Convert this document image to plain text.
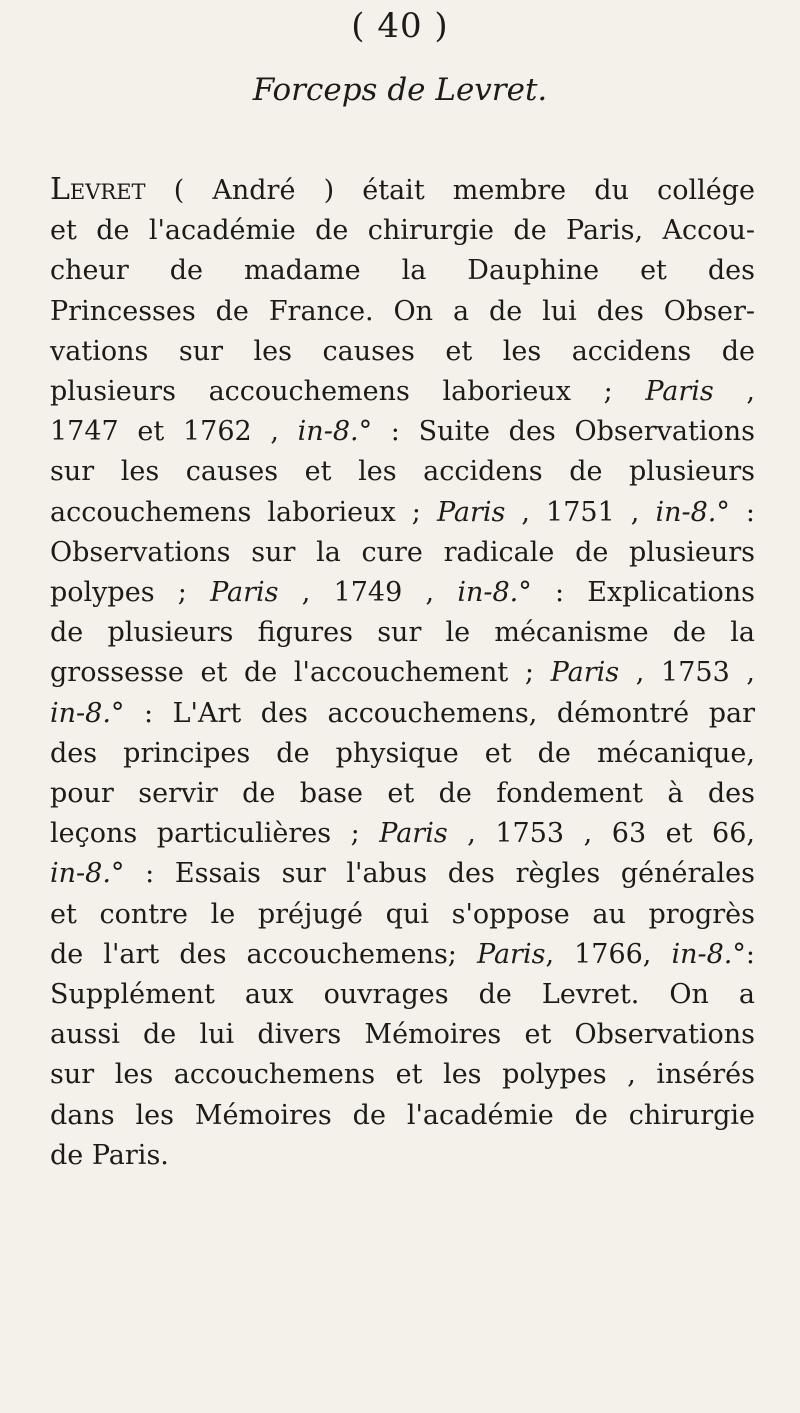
( 40 )
Forceps de Levret.
Levret ( André ) était membre du collége
et de l'académie de chirurgie de Paris, Accou-
cheur de madame la Dauphine et des
Princesses de France. On a de lui des Obser-
vations sur les causes et les accidens de
plusieurs accouchemens laborieux ; Paris ,
1747 et 1762 , in-8.° : Suite des Observations
sur les causes et les accidens de plusieurs
accouchemens laborieux ; Paris , 1751 , in-8.° :
Observations sur la cure radicale de plusieurs
polypes ; Paris , 1749 , in-8.° : Explications
de plusieurs figures sur le mécanisme de la
grossesse et de l'accouchement ; Paris , 1753 ,
in-8.° : L'Art des accouchemens, démontré par
des principes de physique et de mécanique,
pour servir de base et de fondement à des
leçons particulières ; Paris , 1753 , 63 et 66,
in-8.° : Essais sur l'abus des règles générales
et contre le préjugé qui s'oppose au progrès
de l'art des accouchemens; Paris, 1766, in-8.°:
Supplément aux ouvrages de Levret. On a
aussi de lui divers Mémoires et Observations
sur les accouchemens et les polypes , insérés
dans les Mémoires de l'académie de chirurgie
de Paris.
